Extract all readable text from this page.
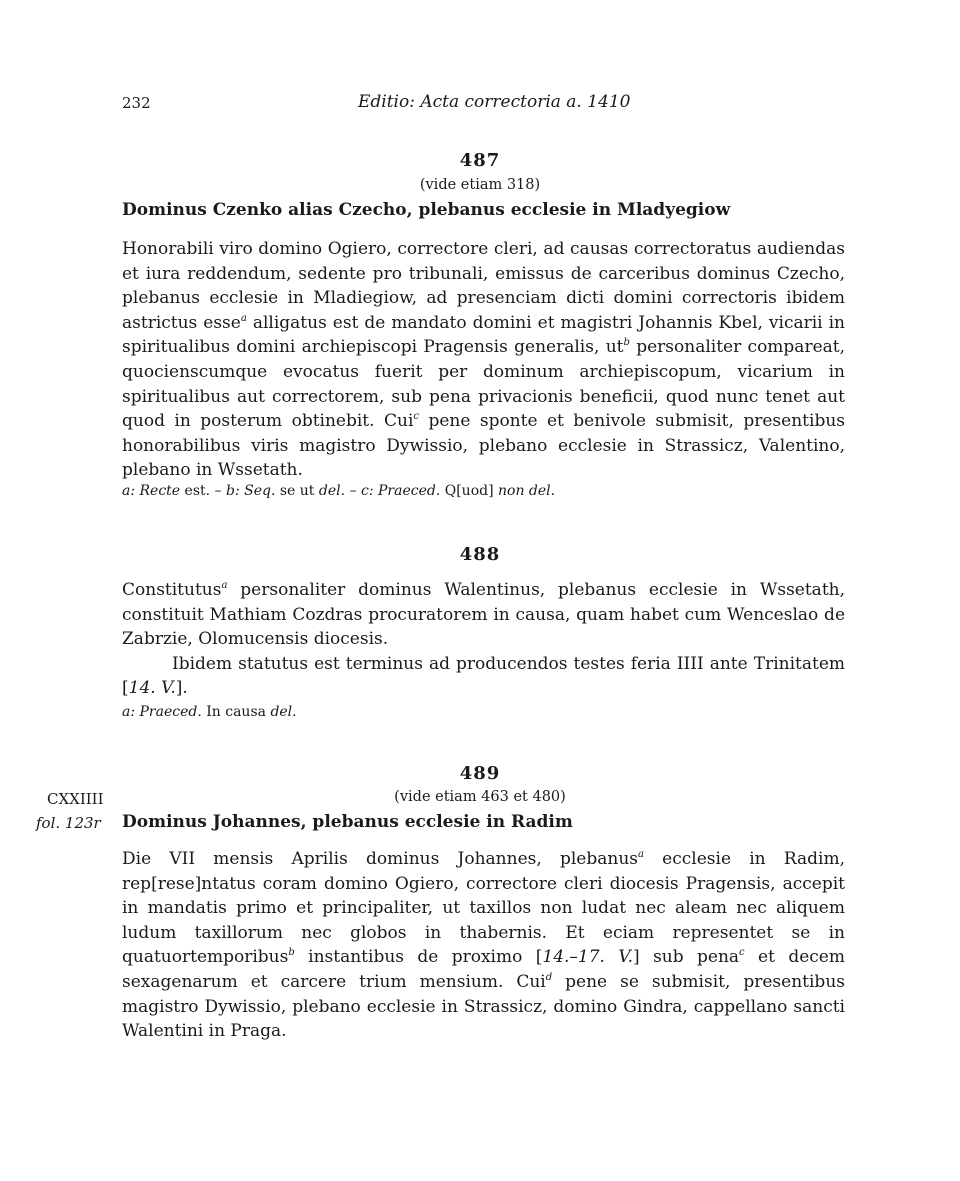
232	Editio: Acta correctoria a. 1410
487
(vide etiam 318)
Dominus Czenko alias Czecho, plebanus ecclesie in Mladyegiow

Honorabili viro domino Ogiero, correctore cleri, ad causas correctoratus audiendas et iura reddendum, sedente pro tribunali, emissus de carceribus dominus Czecho, plebanus ecclesie in Mladiegiow, ad presenciam dicti domini correctoris ibidem astrictus esse$^a$ alligatus est de mandato domini et magistri Johannis Kbel, vicarii in spiritualibus domini archiepiscopi Pragensis generalis, $ut^b$ personaliter compareat, quocienscumque evocatus fuerit per dominum archiepiscopum, vicarium in spiritualibus aut correctorem, sub pena privacionis beneficii, quod nunc tenet aut quod in posterum obtinebit. Cui$^c$ pene sponte et benivole submisit, presentibus honorabilibus viris magistro Dywissio, plebano ecclesie in Strassicz, Valentino, plebano in Wssetath.

a: Recte est. – b: Seq. se ut del. – c: Praeced. Q[uod] non del.
488

Constitutus$^a$ personaliter dominus Walentinus, plebanus ecclesie in Wssetath, constituit Mathiam Cozdras procuratorem in causa, quam habet cum Wenceslao de Zabrzie, Olomucensis diocesis.

Ibidem statutus est terminus ad producendos testes feria IIII ante Trinitatem [14. V.].

a: Praeced. In causa del.
489
CXXIIII	(vide etiam 463 et 480)
fol. 123r Dominus Johannes, plebanus ecclesie in Radim

Die VII mensis Aprilis dominus Johannes, plebanus$^a$ ecclesie in Radim, rep[rese]ntatus coram domino Ogiero, correctore cleri diocesis Pragensis, accepit in mandatis primo et principaliter, ut taxillos non ludat nec aleam nec aliquem ludum taxillorum nec globos in thabernis. Et eciam representet se in quatuortemporibus$^b$ instantibus de proximo [14.–17. V.] sub pena$^c$ et decem sexagenarum et carcere trium mensium. Cui$^d$ pene se submisit, presentibus magistro Dywissio, plebano ecclesie in Strassicz, domino Gindra, cappellano sancti Walentini in Praga.
